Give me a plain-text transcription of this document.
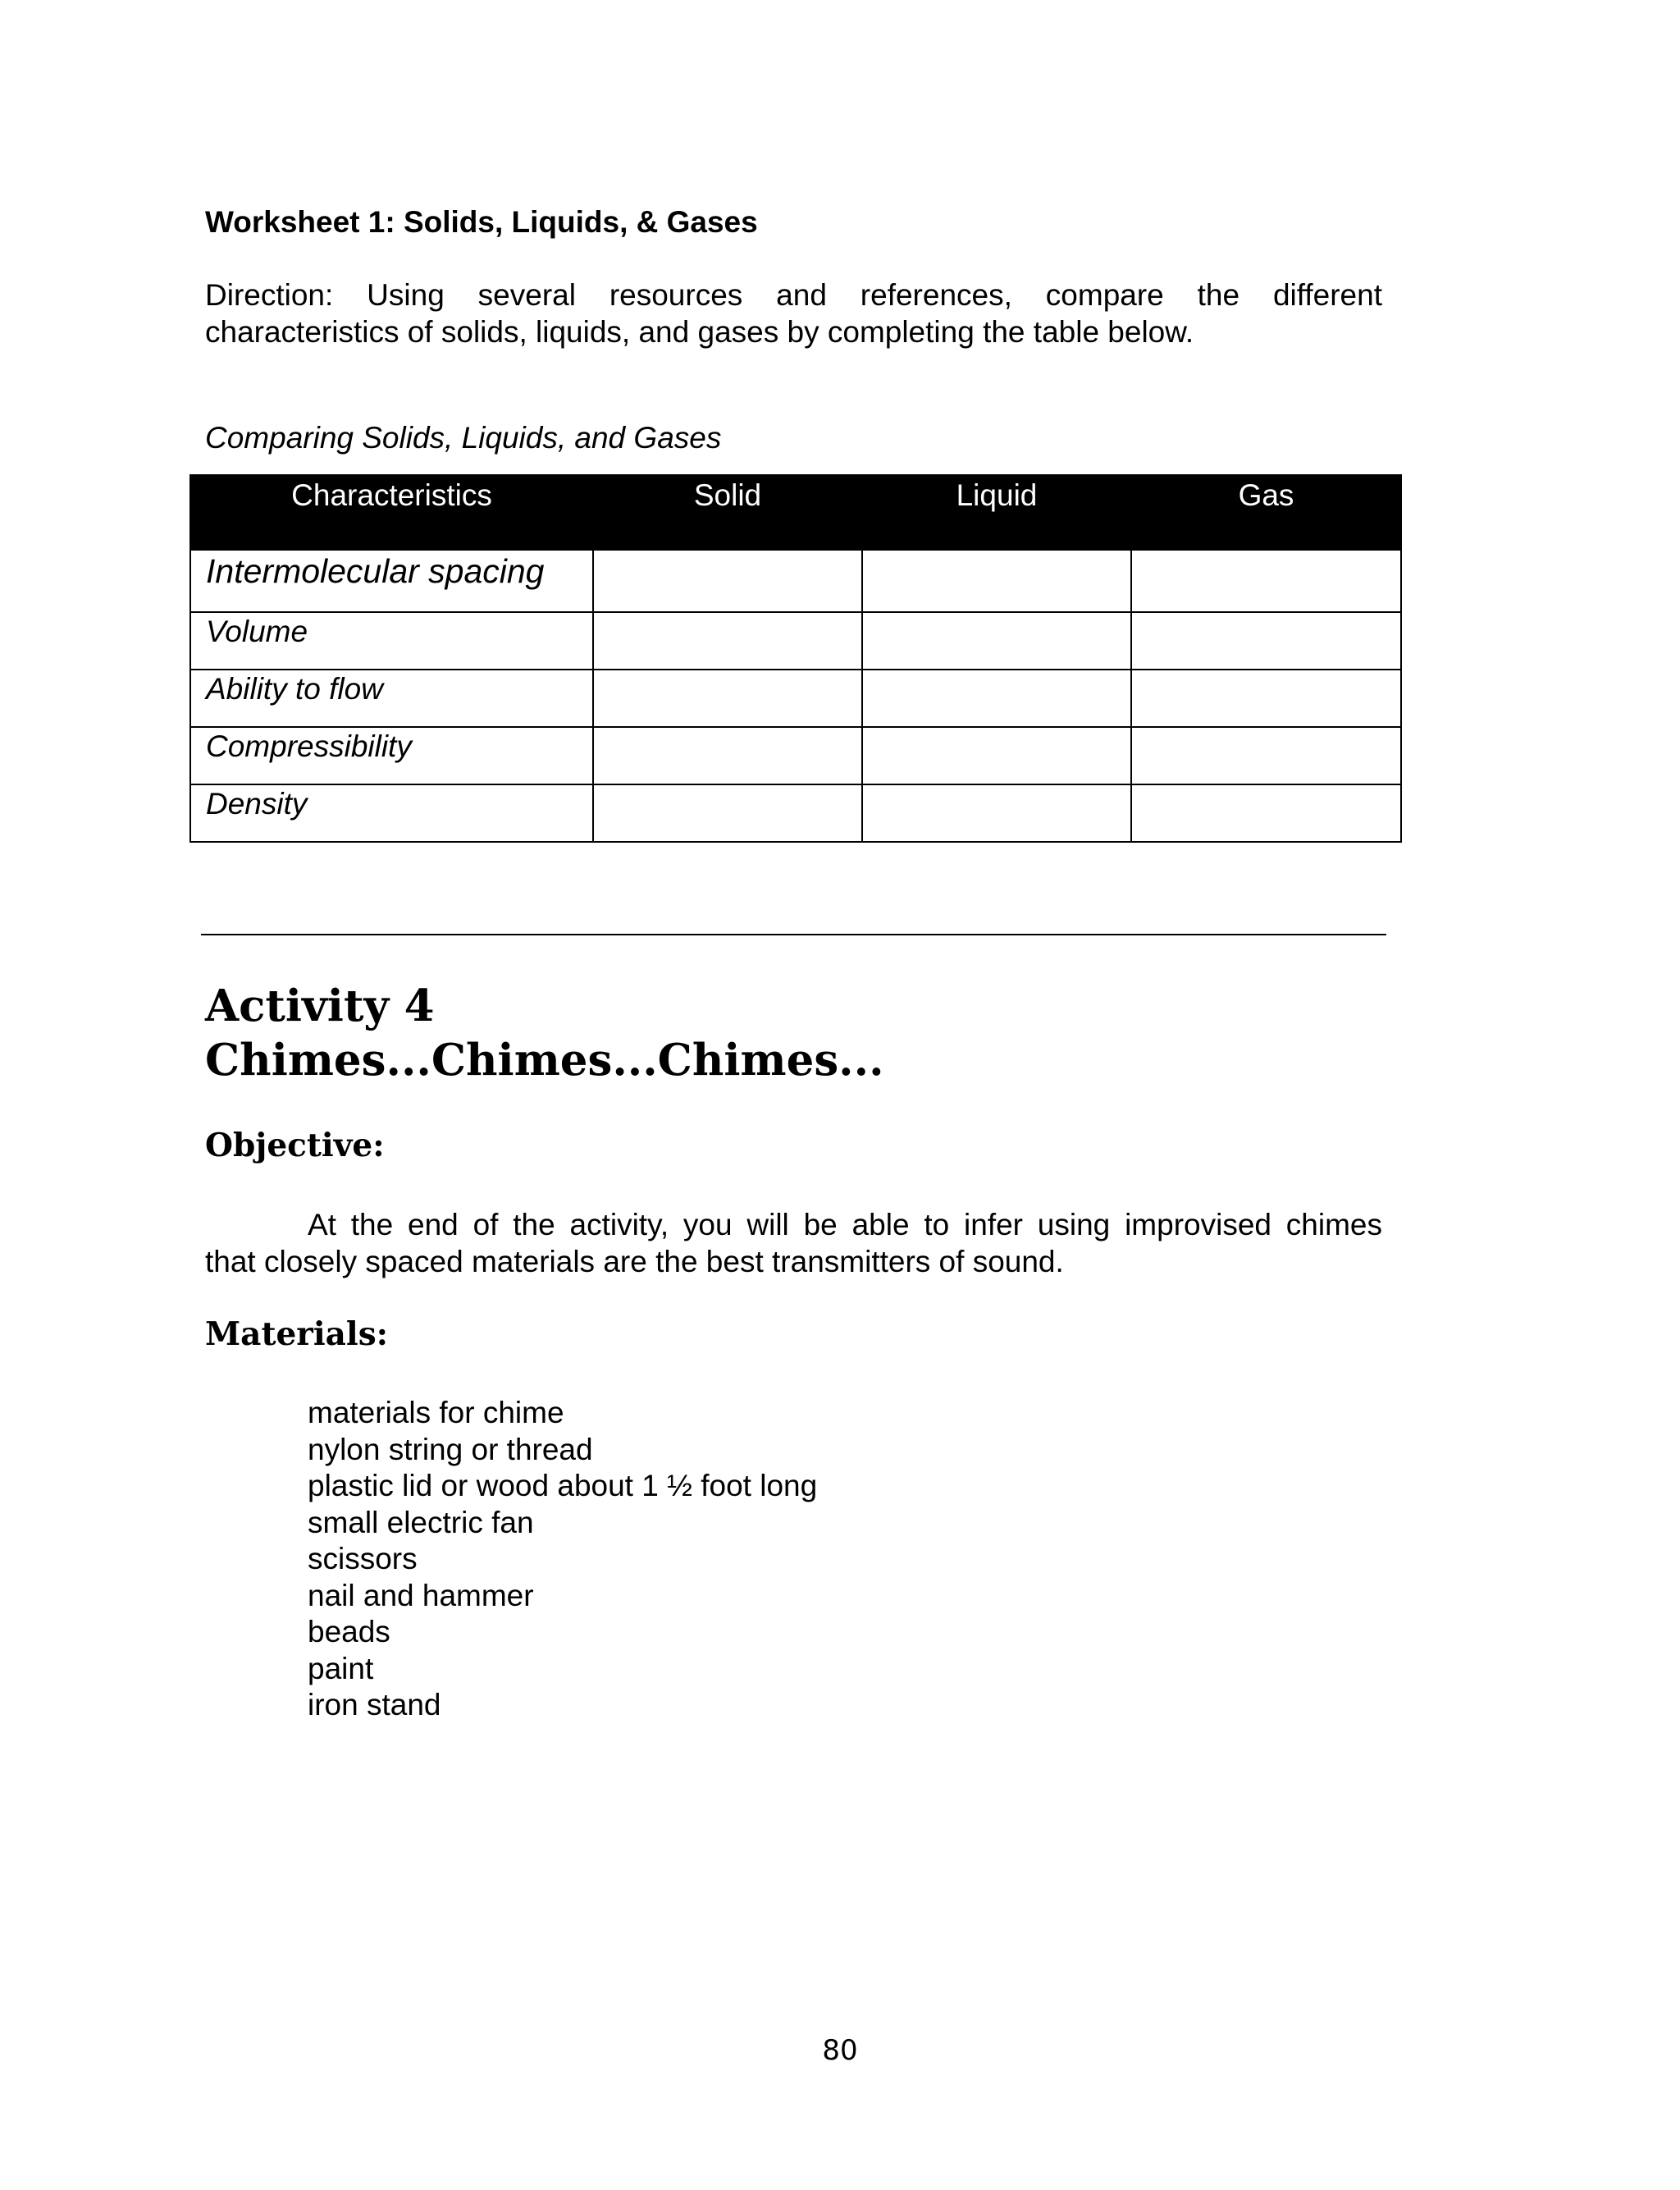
Worksheet 1: Solids, Liquids, & Gases
Direction: Using several resources and references, compare the different
characteristics of solids, liquids, and gases by completing the table below.
Comparing Solids, Liquids, and Gases
Characteristics	Solid	Liquid	Gas
Intermolecular spacing			
Volume			
Ability to flow			
Compressibility			
Density			
Activity 4
Chimes...Chimes...Chimes...
Objective:
At the end of the activity, you will be able to infer using improvised chimes
that closely spaced materials are the best transmitters of sound.
Materials:
materials for chime
nylon string or thread
plastic lid or wood about 1 ½ foot long
small electric fan
scissors
nail and hammer
beads
paint
iron stand
80
